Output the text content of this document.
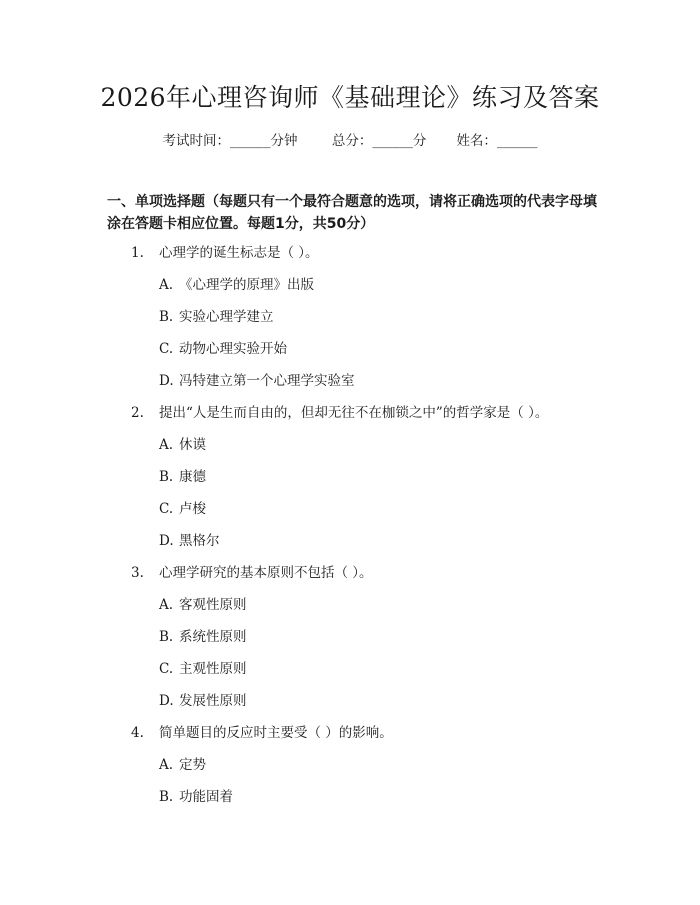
2026年心理咨询师《基础理论》练习及答案
考试时间：______分钟	总分：______分 姓名：______
一、单项选择题（每题只有一个最符合题意的选项，请将正确选项的代表字母填涂在答题卡相应位置。每题1分，共50分）
1.	心理学的诞生标志是（ ）。
A. 《心理学的原理》出版
B. 实验心理学建立
C. 动物心理实验开始
D. 冯特建立第一个心理学实验室
2.	提出“人是生而自由的，但却无往不在枷锁之中”的哲学家是（ ）。
A. 休谟
B. 康德
C. 卢梭
D. 黑格尔
3.	心理学研究的基本原则不包括（ ）。
A. 客观性原则
B. 系统性原则
C. 主观性原则
D. 发展性原则
4.	简单题目的反应时主要受（ ）的影响。
A. 定势
B. 功能固着
